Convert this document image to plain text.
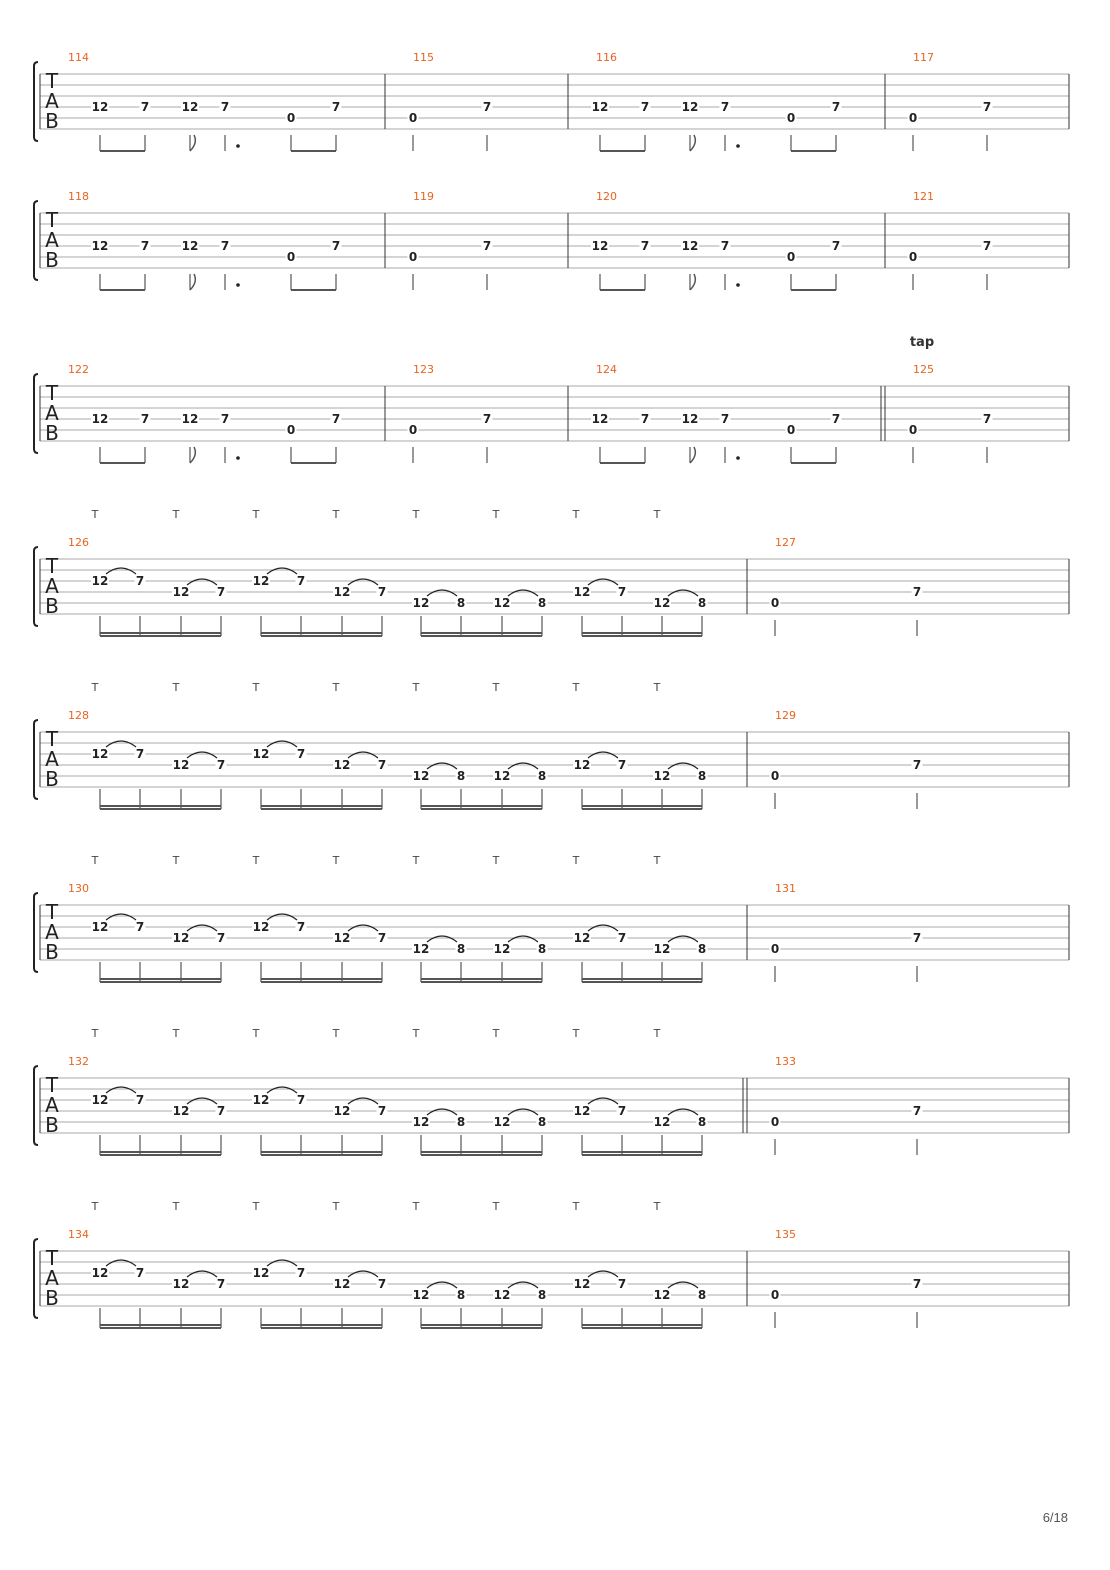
T
A
B
114
12	7	12 7
0
7
115
0
7
116
12	7	12 7
0
7
117
0
7
T
A
B
118
12	7	12 7
0
7
119
0
7
120
12	7	12 7
0
7
121
0
7
T
A
B
122
12	7	12 7
0
7
123
0
7
124
12	7	12 7
0
7
125
0
7
tap
T
A
B
T	T	T	T	T	T	T	T
126
12 7
12 7
12 7
12 7
12 8 12 8
12 7
12 8
127
0
7
T
A
B
T	T	T	T	T	T	T	T
128
12 7
12 7
12 7
12 7
12 8 12 8
12 7
12 8
129
0
7
T
A
B
T	T	T	T	T	T	T	T
130
12 7
12 7
12 7
12 7
12 8 12 8
12 7
12 8
131
0
7
T
A
B
T	T	T	T	T	T	T	T
132
12 7
12 7
12 7
12 7
12 8 12 8
12 7
12 8
133
0
7
T
A
B
T	T	T	T	T	T	T	T
134
12 7
12 7
12 7
12 7
12 8 12 8
12 7
12 8
135
0
7
6/18
